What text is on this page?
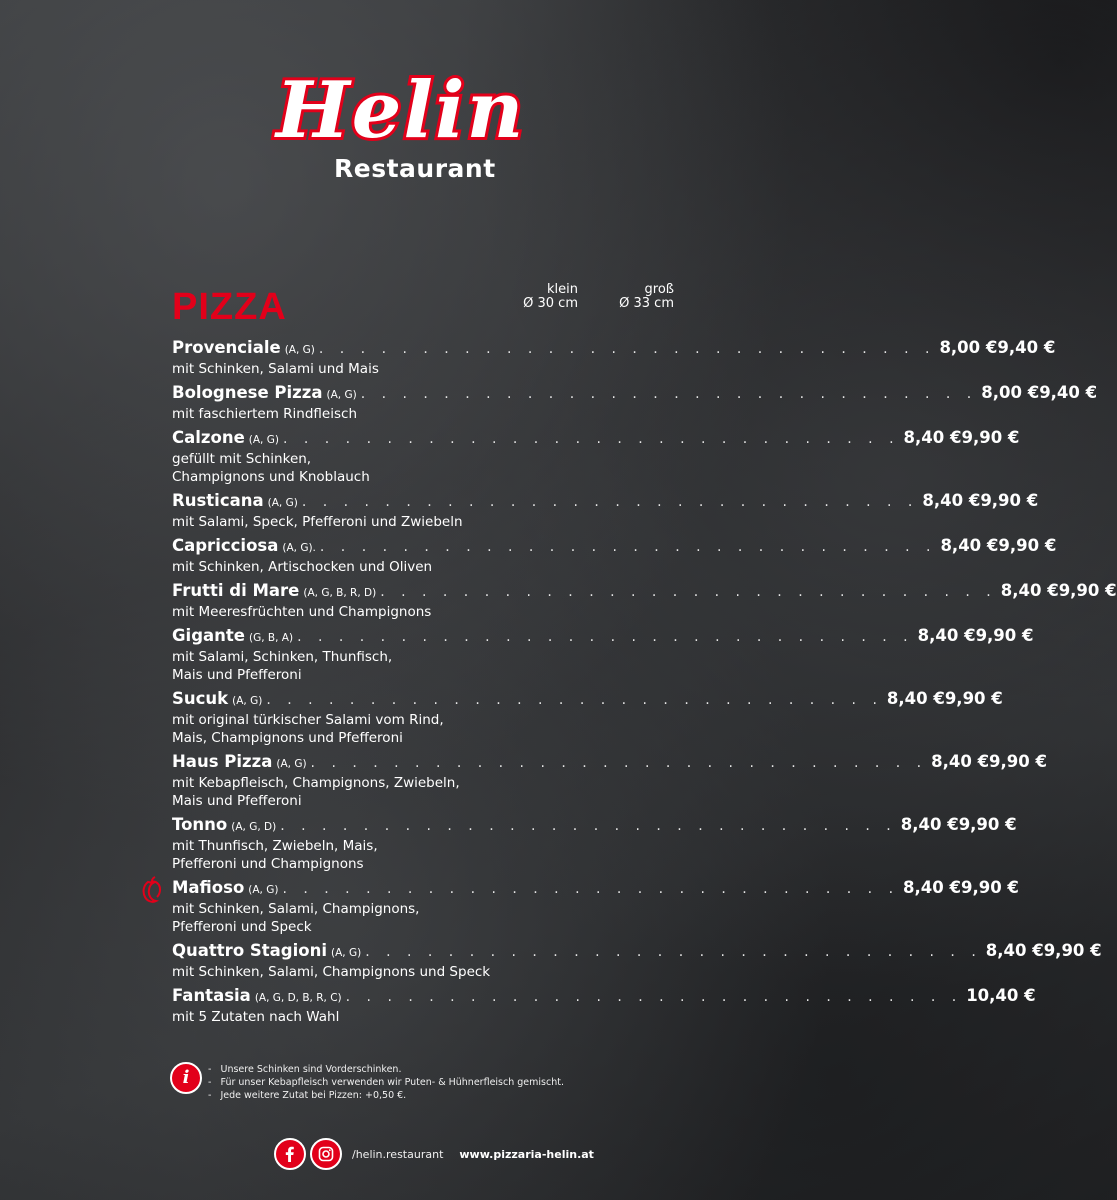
Helin
Restaurant
PIZZA	klein
Ø 30 cm
groß
Ø 33 cm
Provenciale (A, G) . . . . . . . . . . . . . . . . . . . . . . . . . . . . . . 8,00 € 9,40 €
mit Schinken, Salami und Mais
Bolognese Pizza (A, G) . . . . . . . . . . . . . . . . . . . . . . . . . . . . . . 8,00 € 9,40 €
mit faschiertem Rindfleisch
Calzone (A, G) . . . . . . . . . . . . . . . . . . . . . . . . . . . . . . 8,40 € 9,90 €
gefüllt mit Schinken,
Champignons und Knoblauch
Rusticana (A, G) . . . . . . . . . . . . . . . . . . . . . . . . . . . . . . 8,40 € 9,90 €
mit Salami, Speck, Pfefferoni und Zwiebeln
Capricciosa (A, G). . . . . . . . . . . . . . . . . . . . . . . . . . . . . . . 8,40 € 9,90 €
mit Schinken, Artischocken und Oliven
Frutti di Mare (A, G, B, R, D) . . . . . . . . . . . . . . . . . . . . . . . . . . . . . . 8,40 € 9,90 €
mit Meeresfrüchten und Champignons
Gigante (G, B, A) . . . . . . . . . . . . . . . . . . . . . . . . . . . . . . 8,40 € 9,90 €
mit Salami, Schinken, Thunfisch,
Mais und Pfefferoni
Sucuk (A, G) . . . . . . . . . . . . . . . . . . . . . . . . . . . . . . 8,40 € 9,90 €
mit original türkischer Salami vom Rind,
Mais, Champignons und Pfefferoni
Haus Pizza (A, G) . . . . . . . . . . . . . . . . . . . . . . . . . . . . . . 8,40 € 9,90 €
mit Kebapfleisch, Champignons, Zwiebeln,
Mais und Pfefferoni
Tonno (A, G, D) . . . . . . . . . . . . . . . . . . . . . . . . . . . . . . 8,40 € 9,90 €
mit Thunfisch, Zwiebeln, Mais,
Pfefferoni und Champignons
Mafioso (A, G) . . . . . . . . . . . . . . . . . . . . . . . . . . . . . . 8,40 € 9,90 €
mit Schinken, Salami, Champignons,
Pfefferoni und Speck
Quattro Stagioni (A, G) . . . . . . . . . . . . . . . . . . . . . . . . . . . . . . 8,40 € 9,90 €
mit Schinken, Salami, Champignons und Speck
Fantasia (A, G, D, B, R, C) . . . . . . . . . . . . . . . . . . . . . . . . . . . . . . 10,40 €
mit 5 Zutaten nach Wahl
i
-	Unsere Schinken sind Vorderschinken.
-   Für unser Kebapfleisch verwenden wir Puten- & Hühnerfleisch gemischt.
-   Jede weitere Zutat bei Pizzen: +0,50 €.
/helin.restaurant www.pizzaria-helin.at
